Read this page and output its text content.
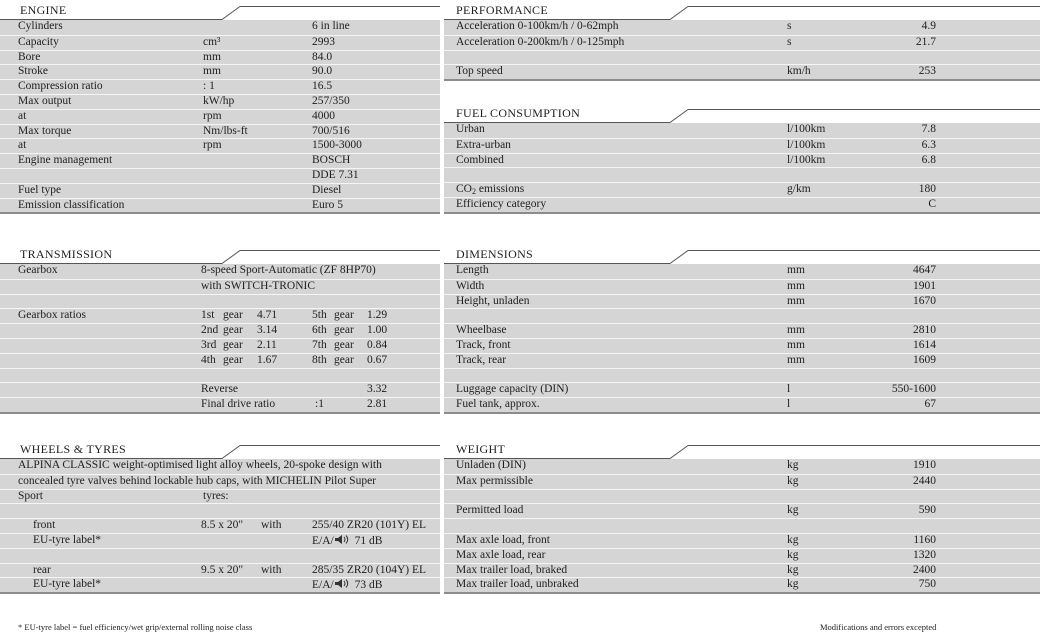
ENGINE
Cylinders	6 in line
Capacity	cm³	2993
Bore	mm	84.0
Stroke	mm	90.0
Compression ratio	: 1	16.5
Max output	kW/hp	257/350
at	rpm	4000
Max torque	Nm/lbs-ft	700/516
at	rpm	1500-3000
Engine management	BOSCH
DDE 7.31
Fuel type	Diesel
Emission classification	Euro 5
TRANSMISSION
Gearbox	8-speed Sport-Automatic (ZF 8HP70)
with SWITCH-TRONIC
Gearbox ratios	1st gear 4.71	5th gear 1.29
2nd gear 3.14	6th gear 1.00
3rd gear 2.11	7th gear 0.84
4th gear 1.67	8th gear 0.67
Reverse	3.32
Final drive ratio	:1	2.81
WHEELS & TYRES
ALPINA CLASSIC weight-optimised light alloy wheels, 20-spoke design with
concealed tyre valves behind lockable hub caps, with MICHELIN Pilot Super
Sport	tyres:
front	8.5 x 20" with	255/40 ZR20 (101Y) EL
EU-tyre label*	E/A/ 71 dB
rear	9.5 x 20" with	285/35 ZR20 (104Y) EL
EU-tyre label*	E/A/ 73 dB
PERFORMANCE
Acceleration 0-100km/h / 0-62mph	s	4.9
Acceleration 0-200km/h / 0-125mph	s	21.7
Top speed	km/h	253
FUEL CONSUMPTION
Urban	l/100km	7.8
Extra-urban	l/100km	6.3
Combined	l/100km	6.8
$CO_2$ emissions	g/km	180
Efficiency category	C
DIMENSIONS
Length	mm	4647
Width	mm	1901
Height, unladen	mm	1670
Wheelbase	mm	2810
Track, front	mm	1614
Track, rear	mm	1609
Luggage capacity (DIN)	l	550-1600
Fuel tank, approx.	l	67
WEIGHT
Unladen (DIN)	kg	1910
Max permissible	kg	2440
Permitted load	kg	590
Max axle load, front	kg	1160
Max axle load, rear	kg	1320
Max trailer load, braked	kg	2400
Max trailer load, unbraked	kg	750
* EU-tyre label = fuel efficiency/wet grip/external rolling noise class	Modifications and errors excepted
